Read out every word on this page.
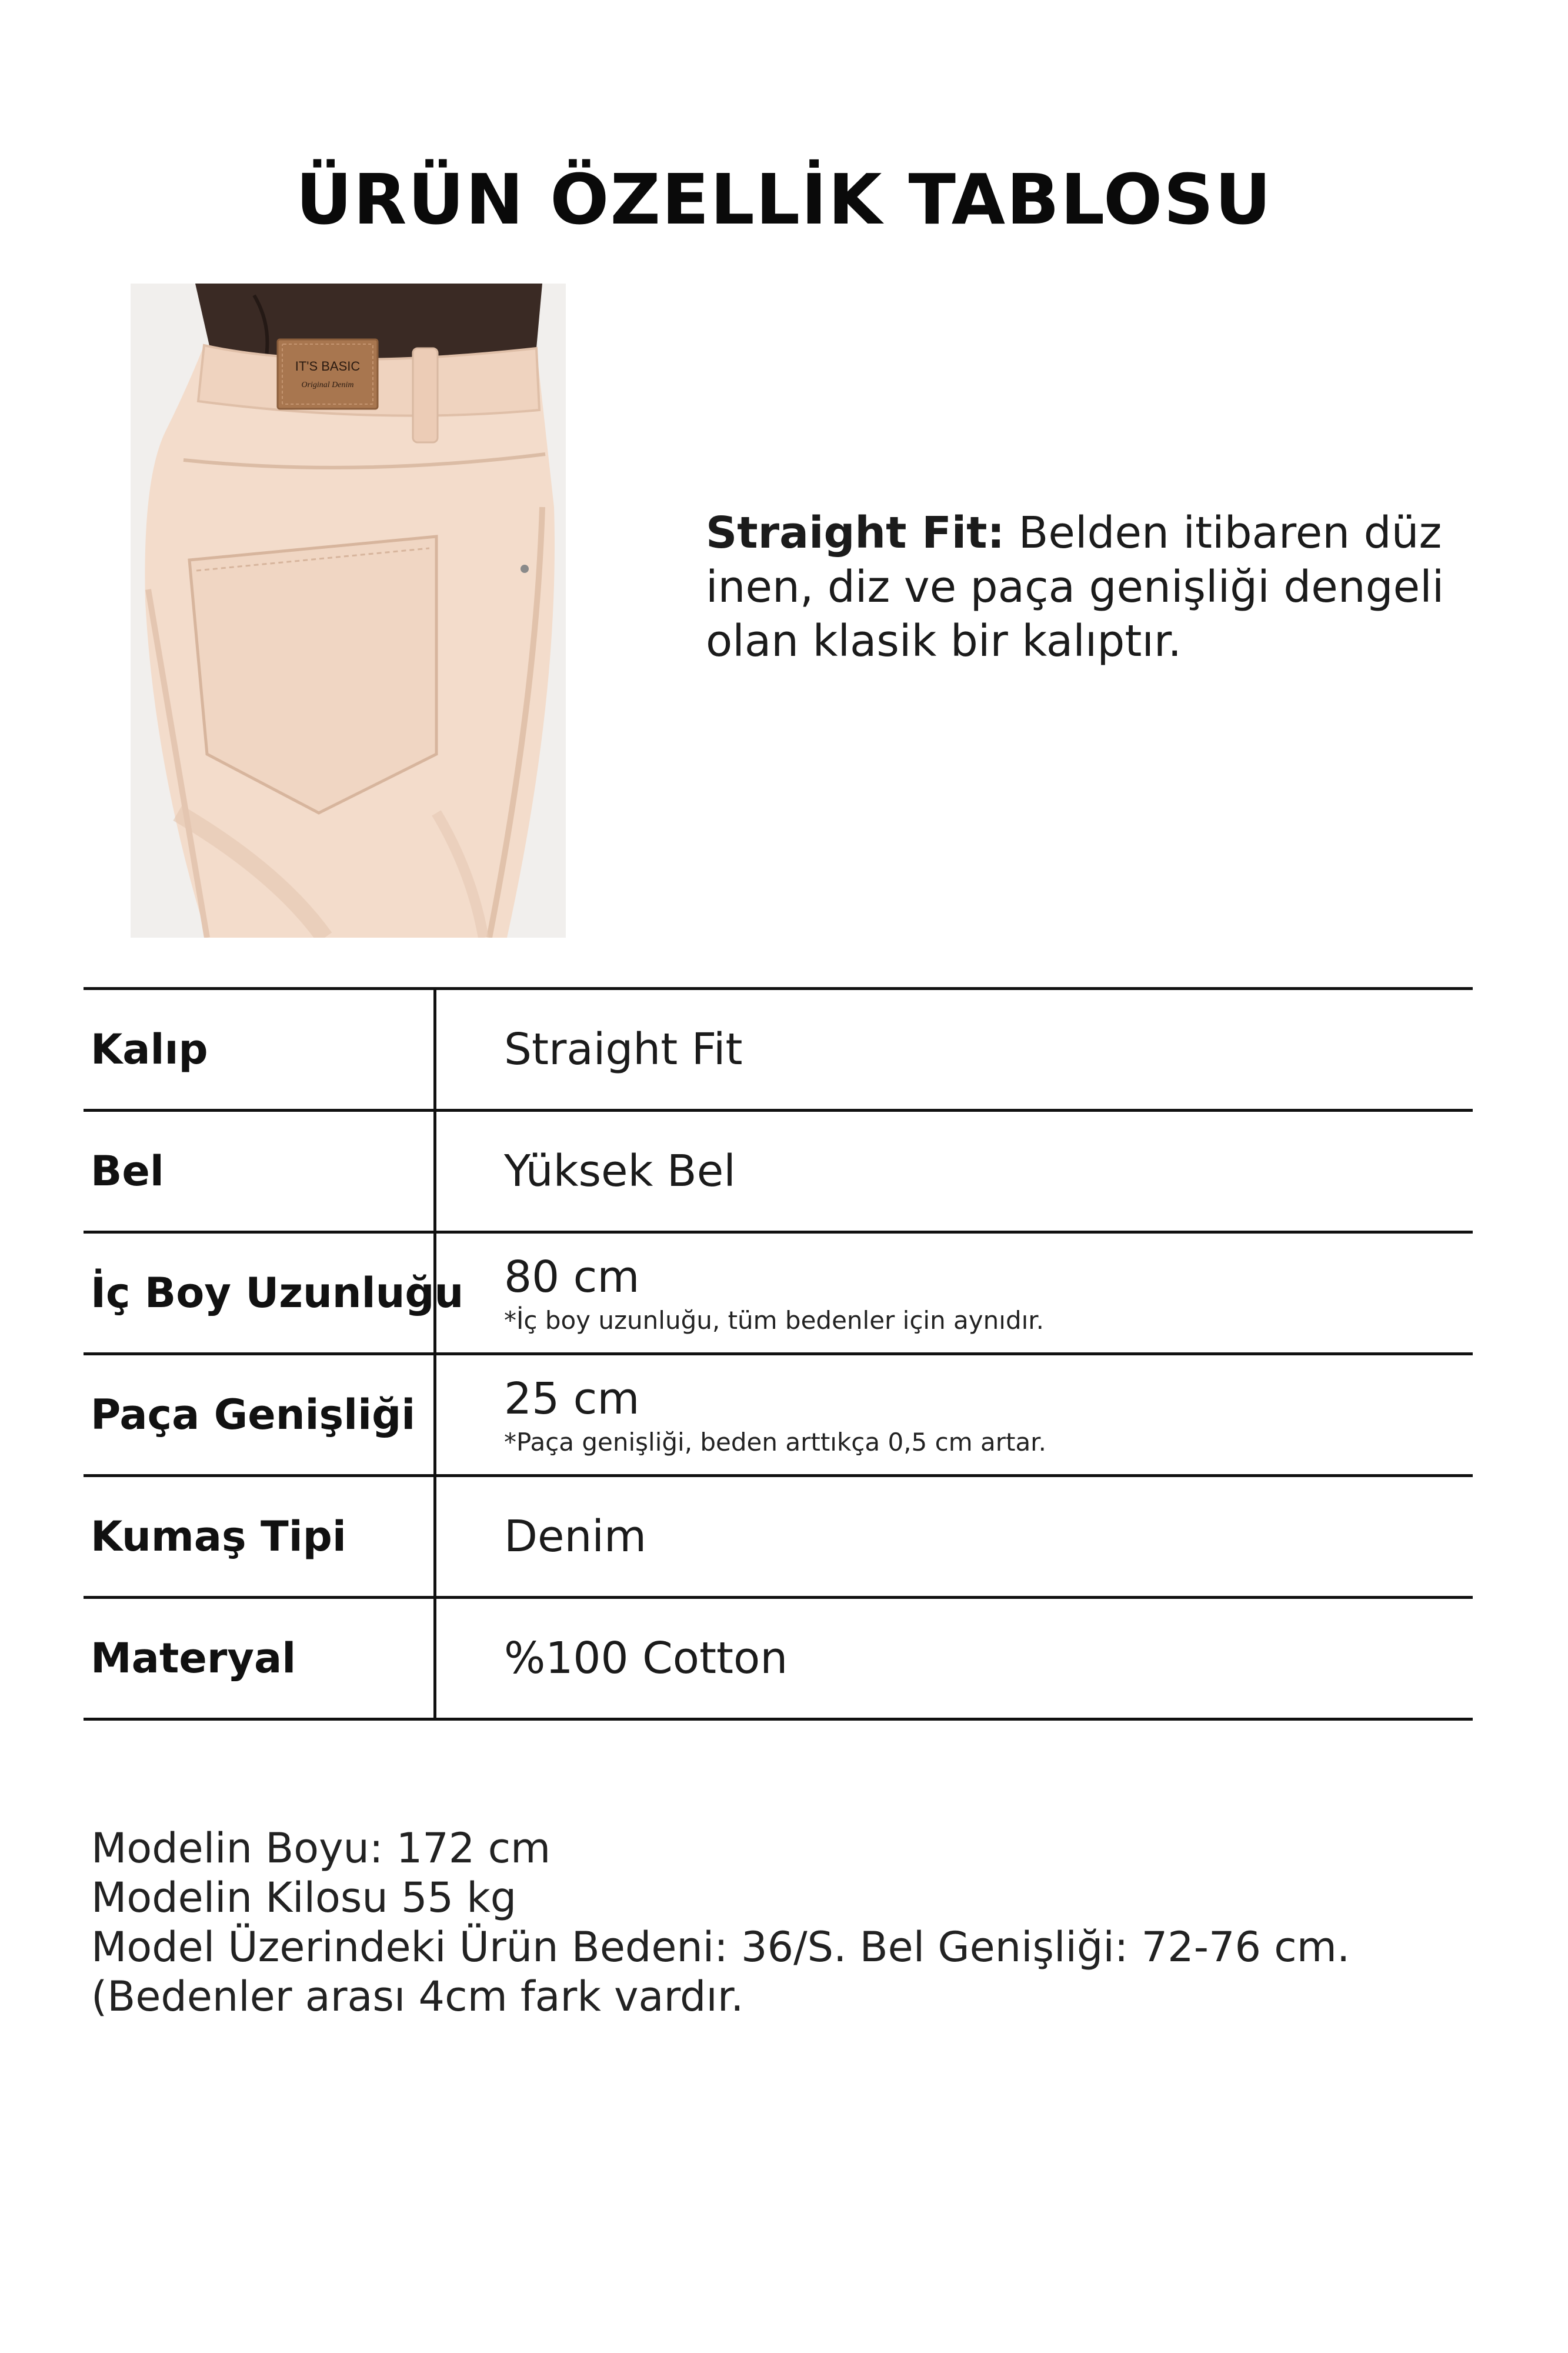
ÜRÜN ÖZELLİK TABLOSU
IT'S BASIC
Original Denim
Straight Fit: Belden itibaren düz inen, diz ve paça genişliği dengeli olan klasik bir kalıptır.
Kalıp	Straight Fit
Bel	Yüksek Bel
İç Boy Uzunluğu 80 cm
*İç boy uzunluğu, tüm bedenler için aynıdır.
Paça Genişliği 25 cm
*Paça genişliği, beden arttıkça 0,5 cm artar.
Kumaş Tipi	Denim
Materyal	%100 Cotton
Modelin Boyu: 172 cm
Modelin Kilosu 55 kg
Model Üzerindeki Ürün Bedeni: 36/S. Bel Genişliği: 72-76 cm. (Bedenler arası 4cm fark vardır.
